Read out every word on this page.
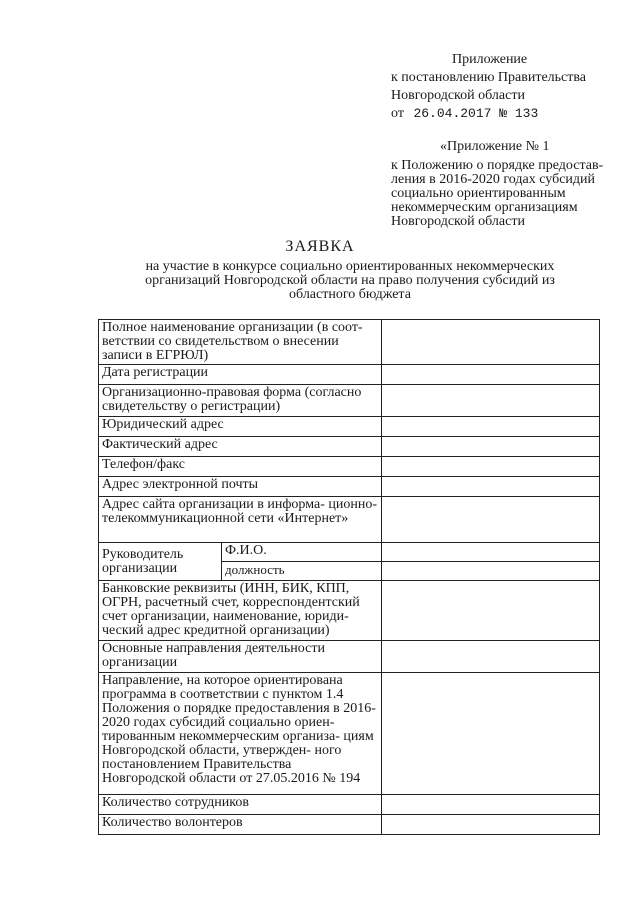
Приложение
к постановлению Правительства
Новгородской области
от 26.04.2017 № 133
«Приложение № 1
к Положению о порядке предостав-
ления в 2016-2020 годах субсидий
социально ориентированным
некоммерческим организациям
Новгородской области
ЗАЯВКА
на участие в конкурсе социально ориентированных некоммерческих
организаций Новгородской области на право получения субсидий из
областного бюджета
Полное наименование организации (в соот- ветствии со свидетельством о внесении записи в ЕГРЮЛ)		
Дата регистрации		
Организационно-правовая форма (согласно свидетельству о регистрации)		
Юридический адрес		
Фактический адрес		
Телефон/факс		
Адрес электронной почты		
Адрес сайта организации в информа- ционно-телекоммуникационной сети «Интернет»		
Руководитель организации	Ф.И.О.	
	должность	
Банковские реквизиты (ИНН, БИК, КПП, ОГРН, расчетный счет, корреспондентский счет организации, наименование, юриди- ческий адрес кредитной организации)		
Основные направления деятельности организации		
Направление, на которое ориентирована программа в соответствии с пунктом 1.4 Положения о порядке предоставления в 2016-2020 годах субсидий социально ориен- тированным некоммерческим организа- циям Новгородской области, утвержден- ного постановлением Правительства Новгородской области от 27.05.2016 № 194		
Количество сотрудников		
Количество волонтеров		
